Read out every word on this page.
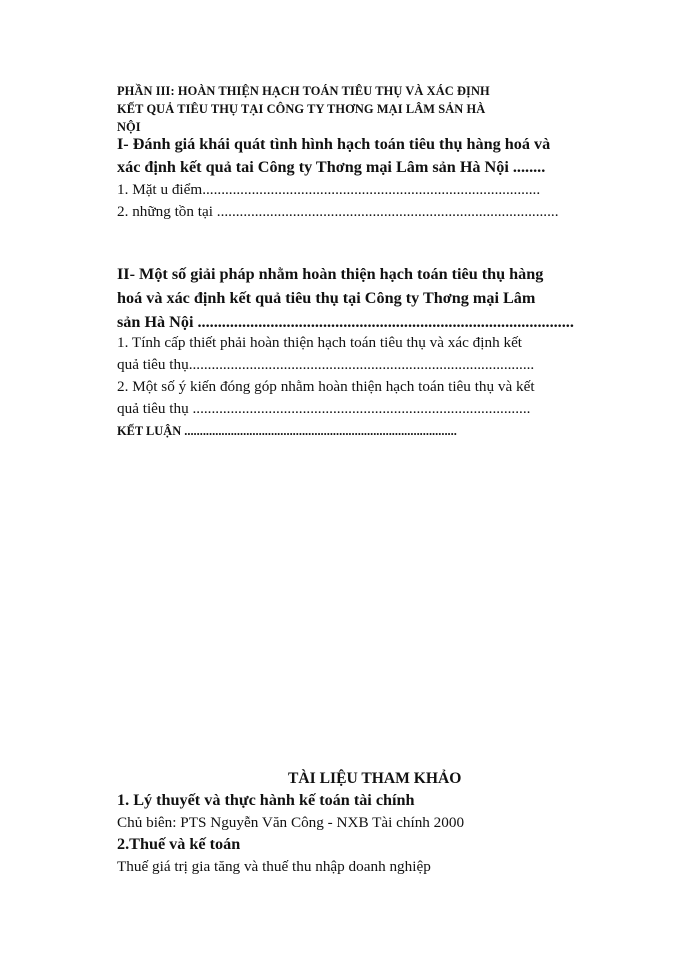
PHẦN III: HOÀN THIỆN HẠCH TOÁN TIÊU THỤ VÀ XÁC ĐỊNH
KẾT QUẢ TIÊU THỤ TẠI CÔNG TY THƠNG MẠI LÂM SẢN HÀ
NỘI
I- Đánh giá khái quát tình hình hạch toán tiêu thụ hàng hoá và
xác định kết quả tai Công ty Thơng mại Lâm sản Hà Nội ........
1. Mặt u điểm.........................................................................................
2. những tồn tại ..........................................................................................
II- Một số giải pháp nhằm hoàn thiện hạch toán tiêu thụ hàng
hoá và xác định kết quả tiêu thụ tại Công ty Thơng mại Lâm
sản Hà Nội .............................................................................................
1. Tính cấp thiết phải hoàn thiện hạch toán tiêu thụ và xác định kết
quả tiêu thụ...........................................................................................
2. Một số ý kiến đóng góp nhằm hoàn thiện hạch toán tiêu thụ và kết
quả tiêu thụ .........................................................................................
KẾT LUẬN ........................................................................................
TÀI LIỆU THAM KHẢO
1. Lý thuyết và thực hành kế toán tài chính
Chủ biên: PTS Nguyễn Văn Công - NXB Tài chính 2000
2.Thuế và kế toán
Thuế giá trị gia tăng và thuế thu nhập doanh nghiệp
